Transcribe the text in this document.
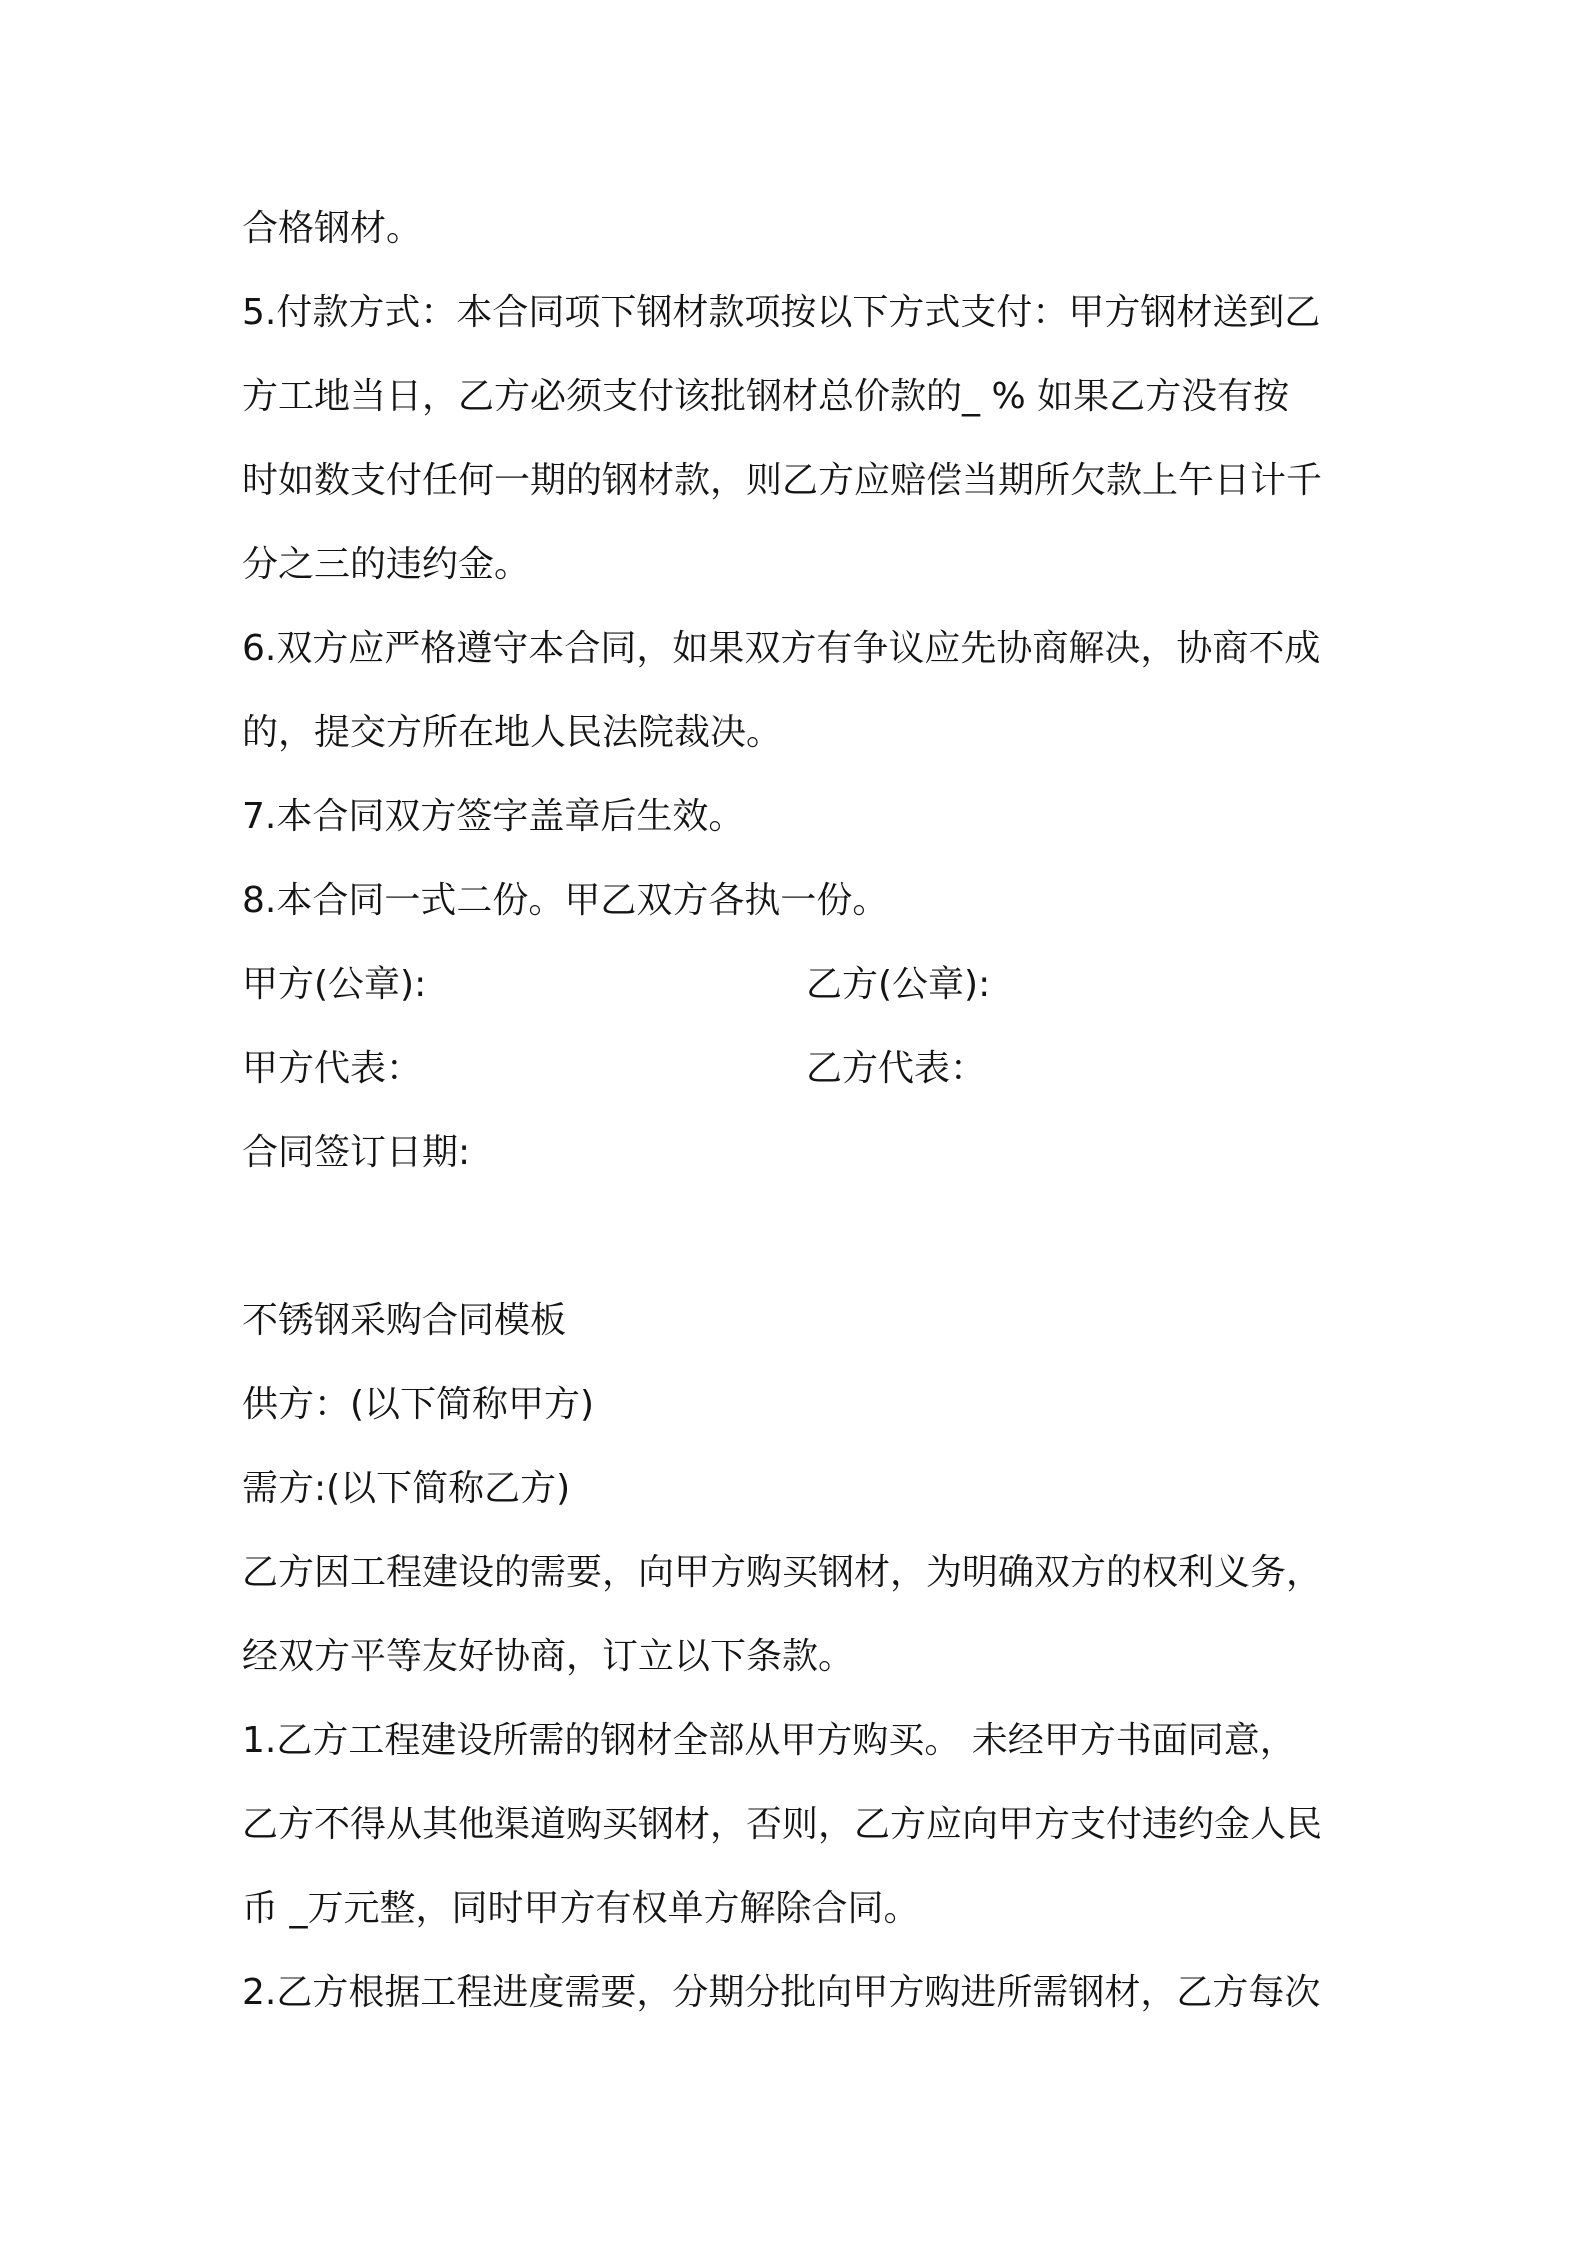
合格钢材。
5.付款方式：本合同项下钢材款项按以下方式支付：甲方钢材送到乙
方工地当日，乙方必须支付该批钢材总价款的_ % 如果乙方没有按
时如数支付任何一期的钢材款，则乙方应赔偿当期所欠款上午日计千
分之三的违约金。
6.双方应严格遵守本合同，如果双方有争议应先协商解决，协商不成
的，提交方所在地人民法院裁决。
7.本合同双方签字盖章后生效。
8.本合同一式二份。甲乙双方各执一份。
甲方(公章):	乙方(公章):
甲方代表：	乙方代表：
合同签订日期:
不锈钢采购合同模板
供方：(以下简称甲方)
需方:(以下简称乙方)
乙方因工程建设的需要，向甲方购买钢材，为明确双方的权利义务，
经双方平等友好协商，订立以下条款。
1.乙方工程建设所需的钢材全部从甲方购买。 未经甲方书面同意，
乙方不得从其他渠道购买钢材，否则，乙方应向甲方支付违约金人民
币 _万元整，同时甲方有权单方解除合同。
2.乙方根据工程进度需要，分期分批向甲方购进所需钢材，乙方每次
